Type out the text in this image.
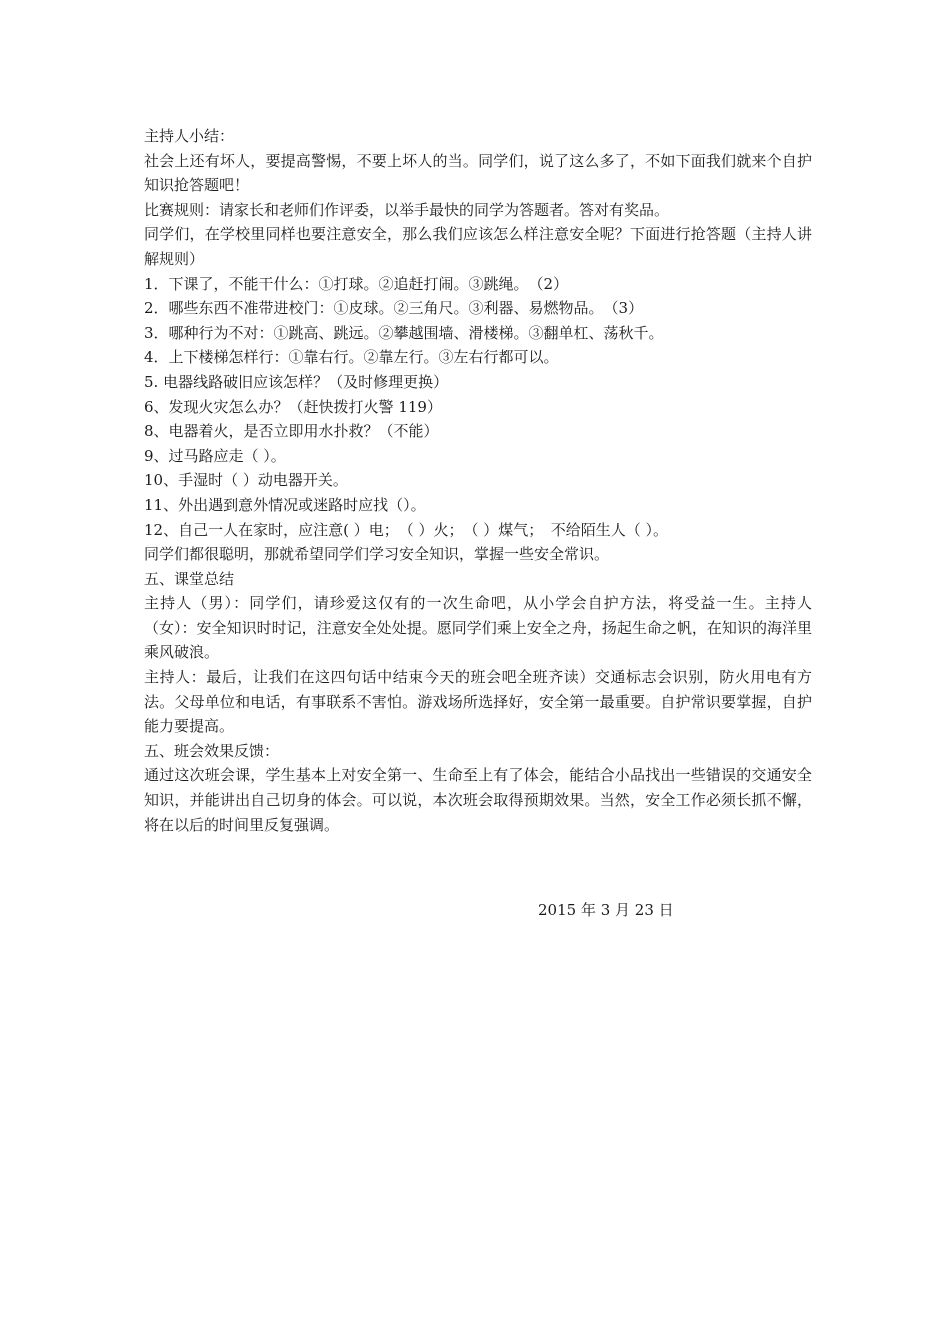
主持人小结：
社会上还有坏人，要提高警惕，不要上坏人的当。同学们，说了这么多了，不如下面我们就来个自护知识抢答题吧！
比赛规则：请家长和老师们作评委，以举手最快的同学为答题者。答对有奖品。
同学们，在学校里同样也要注意安全，那么我们应该怎么样注意安全呢？下面进行抢答题（主持人讲解规则）
1．下课了，不能干什么：①打球。②追赶打闹。③跳绳。　（2）
2．哪些东西不准带进校门：①皮球。②三角尺。③利器、易燃物品。　（3）
3．哪种行为不对：①跳高、跳远。②攀越围墙、滑楼梯。③翻单杠、荡秋千。
4．上下楼梯怎样行：①靠右行。②靠左行。③左右行都可以。
5. 电器线路破旧应该怎样？（及时修理更换）
6、发现火灾怎么办？（赶快拨打火警 119）
8、电器着火，是否立即用水扑救？（不能）
9、过马路应走（ ）。
10、手湿时（ ）动电器开关。
11、外出遇到意外情况或迷路时应找（）。
12、自己一人在家时，应注意( ）电；　（ ）火；　（ ）煤气；　不给陌生人（ ）。
同学们都很聪明，那就希望同学们学习安全知识，掌握一些安全常识。
五、课堂总结
主持人（男）：同学们，请珍爱这仅有的一次生命吧，从小学会自护方法，将受益一生。主持人（女）：安全知识时时记，注意安全处处提。愿同学们乘上安全之舟，扬起生命之帆，在知识的海洋里乘风破浪。
主持人：最后，让我们在这四句话中结束今天的班会吧全班齐读）交通标志会识别，防火用电有方法。父母单位和电话，有事联系不害怕。游戏场所选择好，安全第一最重要。自护常识要掌握，自护能力要提高。
五、班会效果反馈：
通过这次班会课，学生基本上对安全第一、生命至上有了体会，能结合小品找出一些错误的交通安全知识，并能讲出自己切身的体会。可以说，本次班会取得预期效果。当然，安全工作必须长抓不懈，将在以后的时间里反复强调。
2015 年 3 月 23 日
